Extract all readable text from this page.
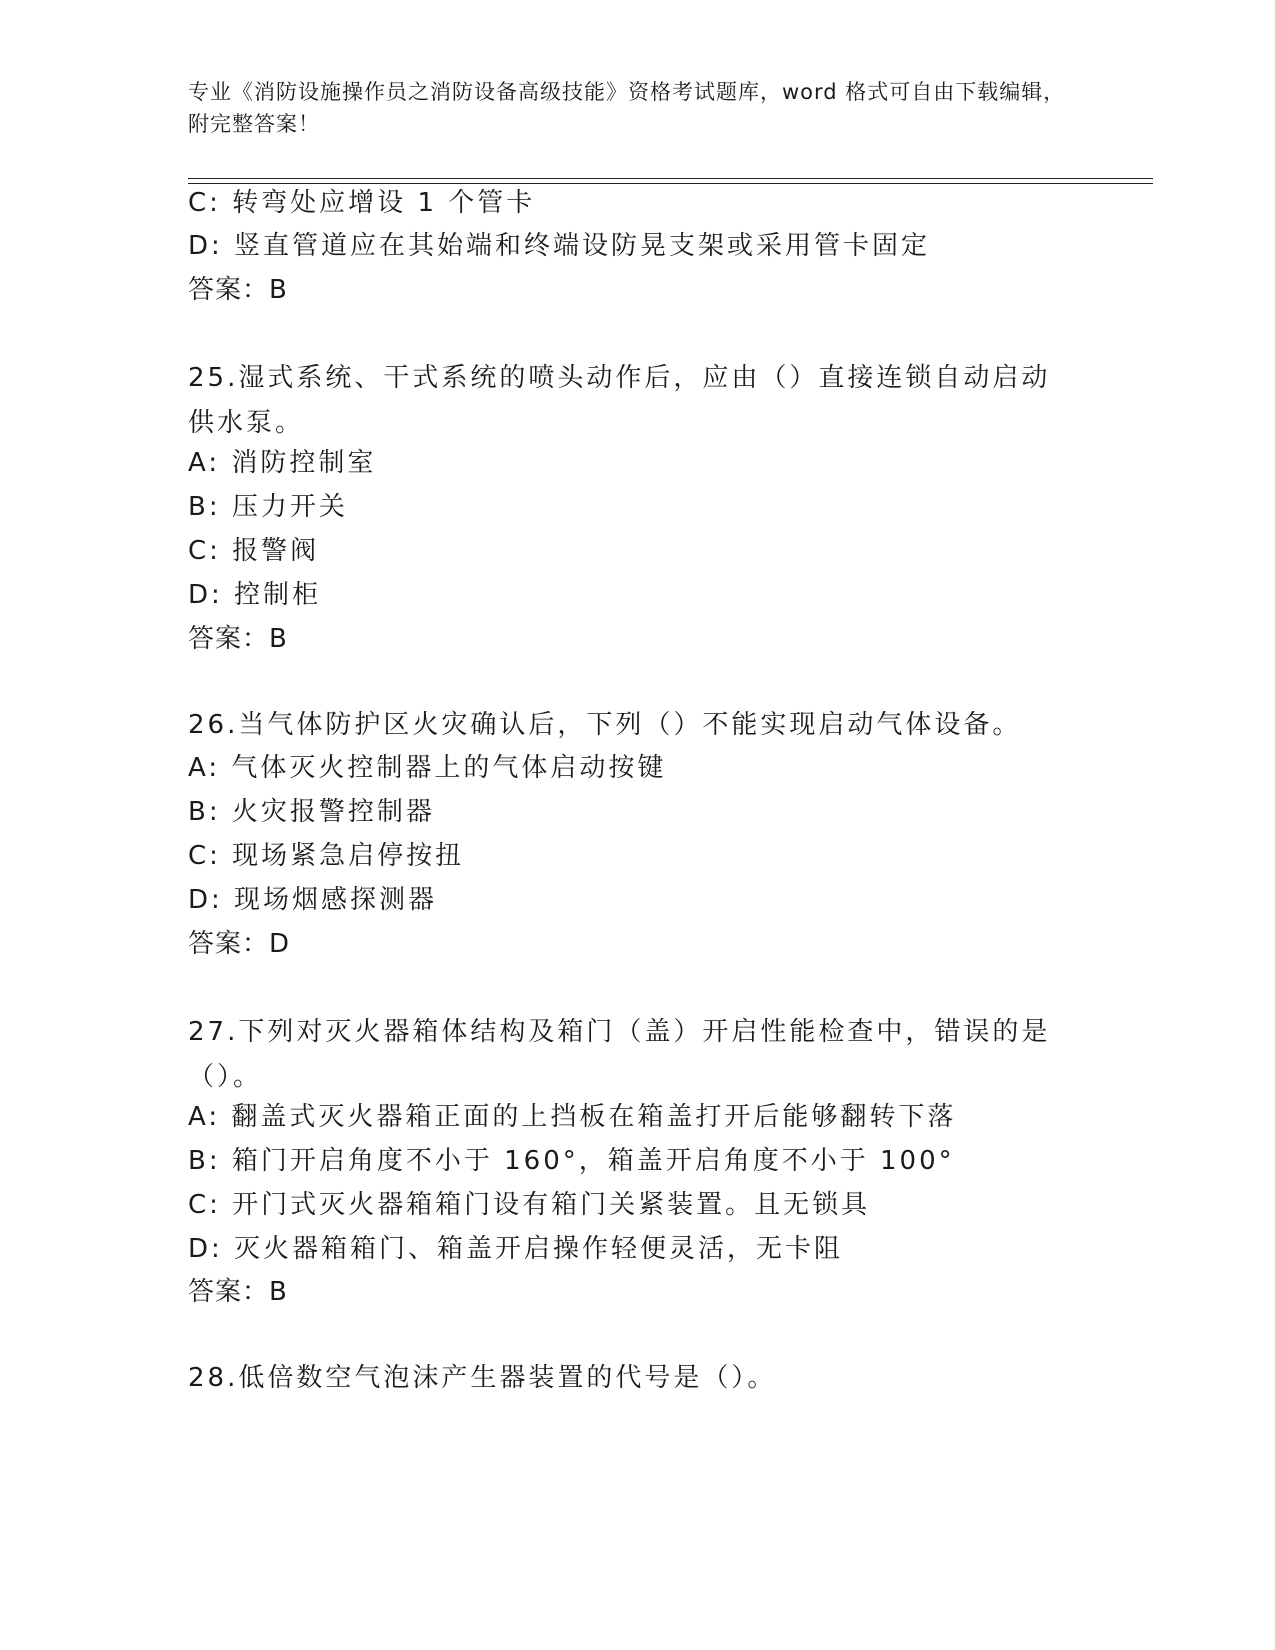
专业《消防设施操作员之消防设备高级技能》资格考试题库，word 格式可自由下载编辑，附完整答案！
C: 转弯处应增设 1 个管卡
D: 竖直管道应在其始端和终端设防晃支架或采用管卡固定
答案：B
25.湿式系统、干式系统的喷头动作后，应由（）直接连锁自动启动供水泵。
A: 消防控制室
B: 压力开关
C: 报警阀
D: 控制柜
答案：B
26.当气体防护区火灾确认后，下列（）不能实现启动气体设备。
A: 气体灭火控制器上的气体启动按键
B: 火灾报警控制器
C: 现场紧急启停按扭
D: 现场烟感探测器
答案：D
27.下列对灭火器箱体结构及箱门（盖）开启性能检查中，错误的是（）。
A: 翻盖式灭火器箱正面的上挡板在箱盖打开后能够翻转下落
B: 箱门开启角度不小于 160°，箱盖开启角度不小于 100°
C: 开门式灭火器箱箱门设有箱门关紧装置。且无锁具
D: 灭火器箱箱门、箱盖开启操作轻便灵活，无卡阻
答案：B
28.低倍数空气泡沫产生器装置的代号是（）。
